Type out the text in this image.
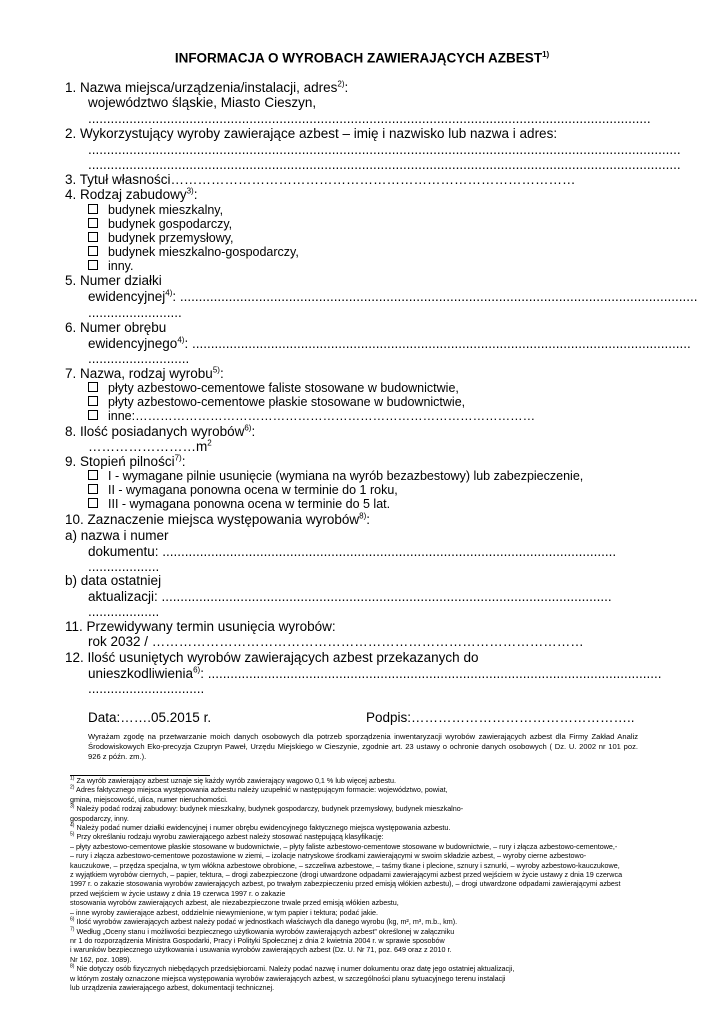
INFORMACJA O WYROBACH ZAWIERAJĄCYCH AZBEST$^{1)}$
1. Nazwa miejsca/urządzenia/instalacji, adres$^{2)}$:
województwo śląskie, Miasto Cieszyn,
......................................................................................................................................................
2. Wykorzystujący wyroby zawierające azbest – imię i nazwisko lub nazwa i adres:
..............................................................................................................................................................
..............................................................................................................................................................
3. Tytuł własności………………………………………………………………………………
4. Rodzaj zabudowy$^{3)}$:
budynek mieszkalny,
budynek gospodarczy,
budynek przemysłowy,
budynek mieszkalno-gospodarczy,
inny.
5. Numer działki
ewidencyjnej$^{4)}$: ..........................................................................................................................................
.........................
6. Numer obrębu
ewidencyjnego$^{4)}$: .....................................................................................................................................
...........................
7. Nazwa, rodzaj wyrobu$^{5)}$:
płyty azbestowo-cementowe faliste stosowane w budownictwie,
płyty azbestowo-cementowe płaskie stosowane w budownictwie,
inne:……………………………………………………………………………………
8. Ilość posiadanych wyrobów$^{6)}$:
$\dots\dots\dots\dots\dots\dots\dots\dots m^2$
9. Stopień pilności$^{7)}$:
I - wymagane pilnie usunięcie (wymiana na wyrób bezazbestowy) lub zabezpieczenie,
II - wymagana ponowna ocena w terminie do 1 roku,
III - wymagana ponowna ocena w terminie do 5 lat.
10. Zaznaczenie miejsca występowania wyrobów$^{8)}$:
a) nazwa i numer
dokumentu: .........................................................................................................................
...................
b) data ostatniej
aktualizacji: ........................................................................................................................
...................
11. Przewidywany termin usunięcia wyrobów:
rok 2032 / ……………………………………………………………………………………
12. Ilość usuniętych wyrobów zawierających azbest przekazanych do
unieszkodliwienia$^{6)}$: .........................................................................................................................
...............................
Data:…….05.2015 r.	Podpis:…………………………………………..
Wyrażam zgodę na przetwarzanie moich danych osobowych dla potrzeb sporządzenia inwentaryzacji wyrobów zawierających azbest dla Firmy Zakład Analiz Środowiskowych Eko-precyzja Czupryn Paweł, Urzędu Miejskiego w Cieszynie, zgodnie art. 23 ustawy o ochronie danych osobowych ( Dz. U. 2002 nr 101 poz. 926 z późn. zm.).
$^{1)}$ Za wyrób zawierający azbest uznaje się każdy wyrób zawierający wagowo 0,1 % lub więcej azbestu.
$^{2)}$ Adres faktycznego miejsca występowania azbestu należy uzupełnić w następującym formacie: województwo, powiat,
gmina, miejscowość, ulica, numer nieruchomości.
$^{3)}$ Należy podać rodzaj zabudowy: budynek mieszkalny, budynek gospodarczy, budynek przemysłowy, budynek mieszkalno-
gospodarczy, inny.
$^{4)}$ Należy podać numer działki ewidencyjnej i numer obrębu ewidencyjnego faktycznego miejsca występowania azbestu.
$^{5)}$ Przy określaniu rodzaju wyrobu zawierającego azbest należy stosować następującą klasyfikację:
– płyty azbestowo-cementowe płaskie stosowane w budownictwie, – płyty faliste azbestowo-cementowe stosowane w budownictwie, – rury i złącza azbestowo-cementowe,-
– rury i złącza azbestowo-cementowe pozostawione w ziemi, – izolacje natryskowe środkami zawierającymi w swoim składzie azbest, – wyroby cierne azbestowo-
kauczukowe, – przędza specjalna, w tym włókna azbestowe obrobione, – szczeliwa azbestowe, – taśmy tkane i plecione, sznury i sznurki, – wyroby azbestowo-kauczukowe,
z wyjątkiem wyrobów ciernych, – papier, tektura, – drogi zabezpieczone (drogi utwardzone odpadami zawierającymi azbest przed wejściem w życie ustawy z dnia 19 czerwca
1997 r. o zakazie stosowania wyrobów zawierających azbest, po trwałym zabezpieczeniu przed emisją włókien azbestu), – drogi utwardzone odpadami zawierającymi azbest
przed wejściem w życie ustawy z dnia 19 czerwca 1997 r. o zakazie
stosowania wyrobów zawierających azbest, ale niezabezpieczone trwale przed emisją włókien azbestu,
– inne wyroby zawierające azbest, oddzielnie niewymienione, w tym papier i tektura; podać jakie.
$^{6)}$ Ilość wyrobów zawierających azbest należy podać w jednostkach właściwych dla danego wyrobu (kg, m², m³, m.b., km).
$^{7)}$ Według „Oceny stanu i możliwości bezpiecznego użytkowania wyrobów zawierających azbest” określonej w załączniku
nr 1 do rozporządzenia Ministra Gospodarki, Pracy i Polityki Społecznej z dnia 2 kwietnia 2004 r. w sprawie sposobów
i warunków bezpiecznego użytkowania i usuwania wyrobów zawierających azbest (Dz. U. Nr 71, poz. 649 oraz z 2010 r.
Nr 162, poz. 1089).
$^{8)}$ Nie dotyczy osób fizycznych niebędących przedsiębiorcami. Należy podać nazwę i numer dokumentu oraz datę jego ostatniej aktualizacji,
w którym zostały oznaczone miejsca występowania wyrobów zawierających azbest, w szczególności planu sytuacyjnego terenu instalacji
lub urządzenia zawierającego azbest, dokumentacji technicznej.
